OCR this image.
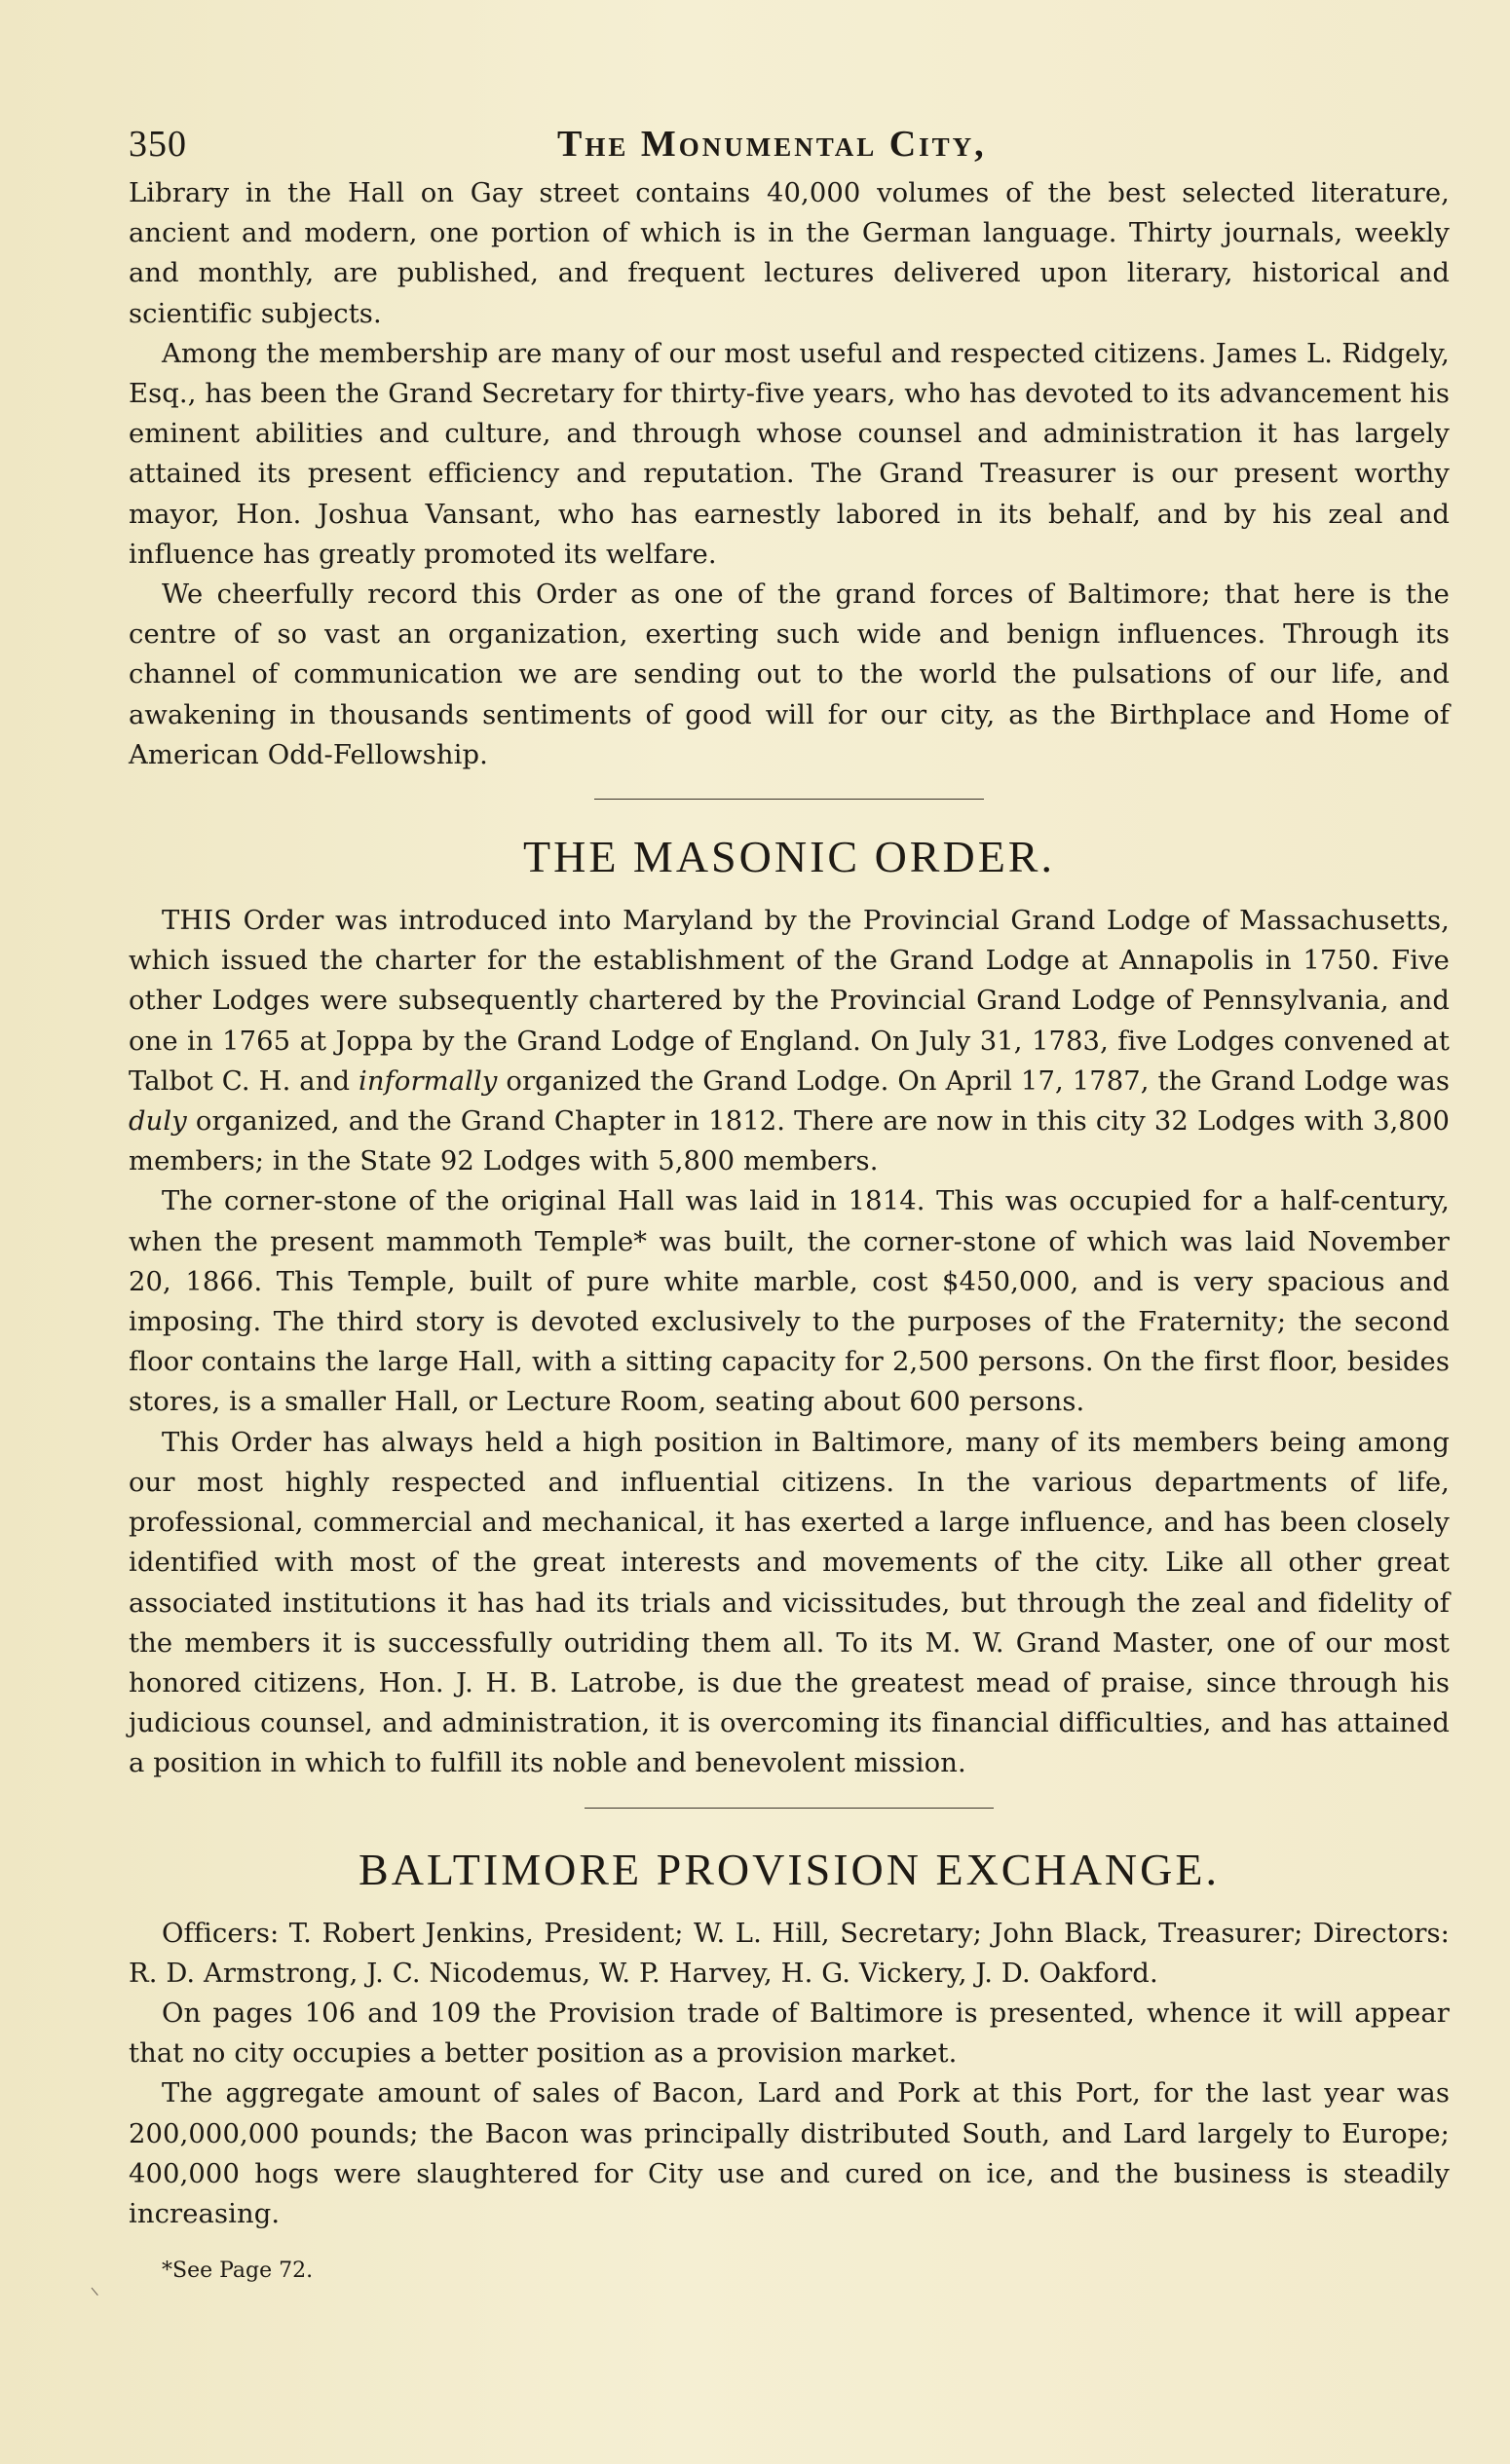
350	The Monumental City,

Library in the Hall on Gay street contains 40,000 volumes of the best selected literature, ancient and modern, one portion of which is in the German language. Thirty journals, weekly and monthly, are published, and frequent lectures delivered upon literary, historical and scientific subjects.

Among the membership are many of our most useful and respected citizens. James L. Ridgely, Esq., has been the Grand Secretary for thirty-five years, who has devoted to its advancement his eminent abilities and culture, and through whose counsel and administration it has largely attained its present efficiency and reputation. The Grand Treasurer is our present worthy mayor, Hon. Joshua Vansant, who has earnestly labored in its behalf, and by his zeal and influence has greatly promoted its welfare.

We cheerfully record this Order as one of the grand forces of Baltimore; that here is the centre of so vast an organization, exerting such wide and benign influences. Through its channel of communication we are sending out to the world the pulsations of our life, and awakening in thousands sentiments of good will for our city, as the Birthplace and Home of American Odd-Fellowship.

THE MASONIC ORDER.

THIS Order was introduced into Maryland by the Provincial Grand Lodge of Massachusetts, which issued the charter for the establishment of the Grand Lodge at Annapolis in 1750. Five other Lodges were subsequently chartered by the Provincial Grand Lodge of Pennsylvania, and one in 1765 at Joppa by the Grand Lodge of England. On July 31, 1783, five Lodges convened at Talbot C. H. and informally organized the Grand Lodge. On April 17, 1787, the Grand Lodge was duly organized, and the Grand Chapter in 1812. There are now in this city 32 Lodges with 3,800 members; in the State 92 Lodges with 5,800 members.

The corner-stone of the original Hall was laid in 1814. This was occupied for a half-century, when the present mammoth Temple* was built, the corner-stone of which was laid November 20, 1866. This Temple, built of pure white marble, cost $450,000, and is very spacious and imposing. The third story is devoted exclusively to the purposes of the Fraternity; the second floor contains the large Hall, with a sitting capacity for 2,500 persons. On the first floor, besides stores, is a smaller Hall, or Lecture Room, seating about 600 persons.

This Order has always held a high position in Baltimore, many of its members being among our most highly respected and influential citizens. In the various departments of life, professional, commercial and mechanical, it has exerted a large influence, and has been closely identified with most of the great interests and movements of the city. Like all other great associated institutions it has had its trials and vicissitudes, but through the zeal and fidelity of the members it is successfully outriding them all. To its M. W. Grand Master, one of our most honored citizens, Hon. J. H. B. Latrobe, is due the greatest mead of praise, since through his judicious counsel, and administration, it is overcoming its financial difficulties, and has attained a position in which to fulfill its noble and benevolent mission.

BALTIMORE PROVISION EXCHANGE.

Officers: T. Robert Jenkins, President; W. L. Hill, Secretary; John Black, Treasurer; Directors: R. D. Armstrong, J. C. Nicodemus, W. P. Harvey, H. G. Vickery, J. D. Oakford.

On pages 106 and 109 the Provision trade of Baltimore is presented, whence it will appear that no city occupies a better position as a provision market.

The aggregate amount of sales of Bacon, Lard and Pork at this Port, for the last year was 200,000,000 pounds; the Bacon was principally distributed South, and Lard largely to Europe; 400,000 hogs were slaughtered for City use and cured on ice, and the business is steadily increasing.

*See Page 72.
